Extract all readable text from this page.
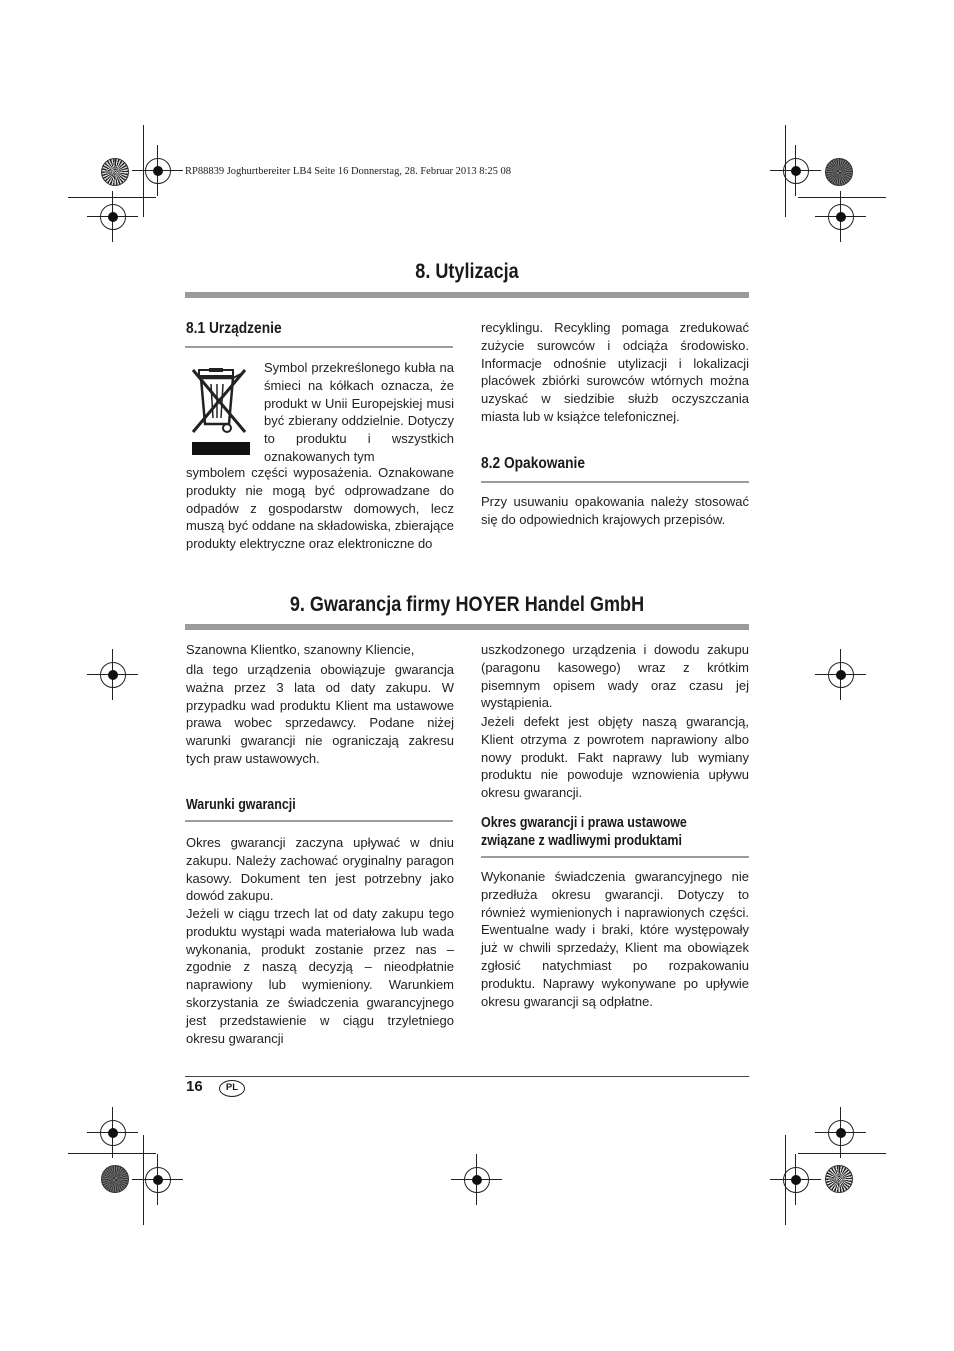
RP88839 Joghurtbereiter LB4 Seite 16 Donnerstag, 28. Februar 2013 8:25 08
8. Utylizacja
8.1 Urządzenie
Symbol przekreślonego kubła na śmieci na kółkach oznacza, że produkt w Unii Europejskiej musi być zbierany oddzielnie. Dotyczy to produktu i wszystkich oznakowanych tym
symbolem części wyposażenia. Oznakowane produkty nie mogą być odprowadzane do odpadów z gospodarstw domowych, lecz muszą być oddane na składowiska, zbierające produkty elektryczne oraz elektroniczne do
recyklingu. Recykling pomaga zredukować zużycie surowców i odciąża środowisko. Informacje odnośnie utylizacji i lokalizacji placówek zbiórki surowców wtórnych można uzyskać w siedzibie służb oczyszczania miasta lub w książce telefonicznej.
8.2 Opakowanie
Przy usuwaniu opakowania należy stosować się do odpowiednich krajowych przepisów.
9. Gwarancja firmy HOYER Handel GmbH
Szanowna Klientko, szanowny Kliencie,
dla tego urządzenia obowiązuje gwarancja ważna przez 3 lata od daty zakupu. W przypadku wad produktu Klient ma ustawowe prawa wobec sprzedawcy. Podane niżej warunki gwarancji nie ograniczają zakresu tych praw ustawowych.
Warunki gwarancji
Okres gwarancji zaczyna upływać w dniu zakupu. Należy zachować oryginalny paragon kasowy. Dokument ten jest potrzebny jako dowód zakupu.
Jeżeli w ciągu trzech lat od daty zakupu tego produktu wystąpi wada materiałowa lub wada wykonania, produkt zostanie przez nas – zgodnie z naszą decyzją – nieodpłatnie naprawiony lub wymieniony. Warunkiem skorzystania ze świadczenia gwarancyjnego jest przedstawienie w ciągu trzyletniego okresu gwarancji
uszkodzonego urządzenia i dowodu zakupu (paragonu kasowego) wraz z krótkim pisemnym opisem wady oraz czasu jej wystąpienia.
Jeżeli defekt jest objęty naszą gwarancją, Klient otrzyma z powrotem naprawiony albo nowy produkt. Fakt naprawy lub wymiany produktu nie powoduje wznowienia upływu okresu gwarancji.
Okres gwarancji i prawa ustawowe
związane z wadliwymi produktami
Wykonanie świadczenia gwarancyjnego nie przedłuża okresu gwarancji. Dotyczy to również wymienionych i naprawionych części. Ewentualne wady i braki, które występowały już w chwili sprzedaży, Klient ma obowiązek zgłosić natychmiast po rozpakowaniu produktu. Naprawy wykonywane po upływie okresu gwarancji są odpłatne.
16	PL
